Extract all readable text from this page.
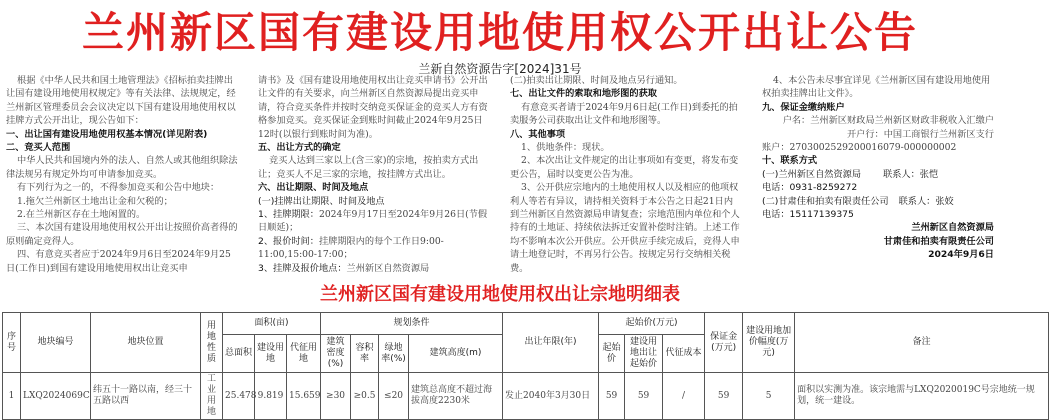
兰州新区国有建设用地使用权公开出让公告
兰新自然资源告字[2024]31号

根据《中华人民共和国土地管理法》《招标拍卖挂牌出让国有建设用地使用权规定》等有关法律、法规规定，经兰州新区管理委员会会议决定以下国有建设用地使用权以挂牌方式公开出让，现公告如下：

一、出让国有建设用地使用权基本情况(详见附表)

二、竞买人范围

中华人民共和国境内外的法人、自然人或其他组织除法律法规另有规定外均可申请参加竞买。

有下列行为之一的，不得参加竞买和公告中地块：

1.拖欠兰州新区土地出让金和欠税的；

2.在兰州新区存在土地闲置的。

三、本次国有建设用地使用权公开出让按照价高者得的原则确定竞得人。

四、有意竞买者应于2024年9月6日至2024年9月25日(工作日)到国有建设用地使用权出让竞买申

请书》及《国有建设用地使用权出让竞买申请书》公开出让文件的有关要求，向兰州新区自然资源局提出竞买申请，符合竞买条件并按时交纳竞买保证金的竞买人方有资格参加竞买。竞买保证金到账时间截止2024年9月25日12时(以银行到账时间为准)。

五、出让方式的确定

竞买人达到三家以上(含三家)的宗地，按拍卖方式出让；竞买人不足三家的宗地，按挂牌方式出让。

六、出让期限、时间及地点

(一)挂牌出让期限、时间及地点

1、挂牌期限：2024年9月17日至2024年9月26日(节假日顺延)；

2、报价时间：挂牌期限内的每个工作日9:00-11:00,15:00-17:00；

3、挂牌及报价地点：兰州新区自然资源局

(二)拍卖出让期限、时间及地点另行通知。

七、出让文件的索取和地形图的获取

有意竞买者请于2024年9月6日起(工作日)到委托的拍卖服务公司获取出让文件和地形图等。

八、其他事项

1、供地条件：现状。

2、本次出让文件规定的出让事项如有变更，将发布变更公告，届时以变更公告为准。

3、公开供应宗地内的土地使用权人以及相应的他项权利人等若有异议，请持相关资料于本公告之日起21日内到兰州新区自然资源局申请复查；宗地范围内单位和个人持有的土地证、持续依法拆迁安置补偿时注销。上述工作均不影响本次公开供应。公开供应手续完成后，竞得人申请土地登记时，不再另行公告。按规定另行交纳相关税费。

4、本公告未尽事宜详见《兰州新区国有建设用地使用权拍卖挂牌出让文件》。

九、保证金缴纳账户

户名：兰州新区财政局兰州新区财政非税收入汇缴户

开户行：中国工商银行兰州新区支行

账户：2703002529200016079-000000002

十、联系方式

(一)兰州新区自然资源局 联系人：张恺

电话：0931-8259272

(二)甘肃佳和拍卖有限责任公司 联系人：张姣

电话：15117139375

兰州新区自然资源局

甘肃佳和拍卖有限责任公司

2024年9月6日

兰州新区国有建设用地使用权出让宗地明细表
序号	地块编号	地块位置	用地性质	面积(亩)			规划条件				出让年限(年)	起始价(万元)			保证金(万元)	建设用地加价幅度(万元)	备注
				总面积	建设用地	代征用地	建筑密度(%)	容积率	绿地率(%)	建筑高度(m)		起始价	建设用地出让起始价	代征成本			
1	LXQ2024069C	纬五十一路以南，经三十五路以西	工业用地	25.478	9.819	15.659	≥30	≥0.5	≤20	建筑总高度不超过海拔高度2230米	发止2040年3月30日	59	59	/	59	5	面积以实测为准。该宗地需与LXQ2020019C号宗地统一规划，统一建设。
